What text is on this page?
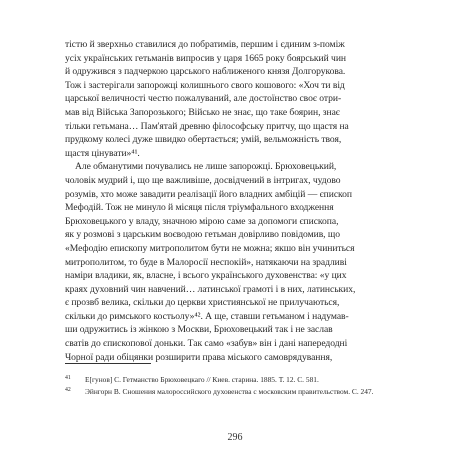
тістю й зверхньо ставилися до побратимів, першим і єдиним з-поміж
усіх українських гетьманів випросив у царя 1665 року боярський чин
й одружився з падчеркою царського наближеного князя Долгорукова.
Тож і застерігали запорожці колишнього свого кошового: «Хоч ти від
царської величності честю пожалуваний, але достоїнство своє отри-
мав від Війська Запорозького; Військо не знає, що таке боярин, знає
тільки гетьмана… Пам'ятай древню філософську притчу, що щастя на
прудкому колесі дуже швидко обертається; умій, вельможність твоя,
щастя цінувати»⁴¹.
Але обманутими почувались не лише запорожці. Брюховецький,
чоловік мудрий і, що ще важливіше, досвідчений в інтригах, чудово
розумів, хто може завадити реалізації його владних амбіцій — єпископ
Мефодій. Тож не минуло й місяця після тріумфального входження
Брюховецького у владу, значною мірою саме за допомоги єпископа,
як у розмові з царським воєводою гетьман довірливо повідомив, що
«Мефодію епископу митрополитом бути не можна; якшо він учиниться
митрополитом, то буде в Малоросії неспокій», натякаючи на зрадливі
наміри владики, як, власне, і всього українського духовенства: «у цих
краях духовний чин навчений… латинської грамоті і в них, латинських,
є прозвб велика, скільки до церкви християнської не прилучаються,
скільки до римського костьолу»⁴². А ще, ставши гетьманом і надумав-
ши одружитись із жінкою з Москви, Брюховецький так і не заслав
сватів до єпископової доньки. Так само «забув» він і дані напередодні
Чорної ради обіцянки розширити права міського самоврядування,
41 Е[гунов] С. Гетманство Брюховецкаго // Киев. старина. 1885. Т. 12. С. 581.
42 Эйнгорн В. Сношения малороссийского духовенства с московским правительством. С. 247.
296
